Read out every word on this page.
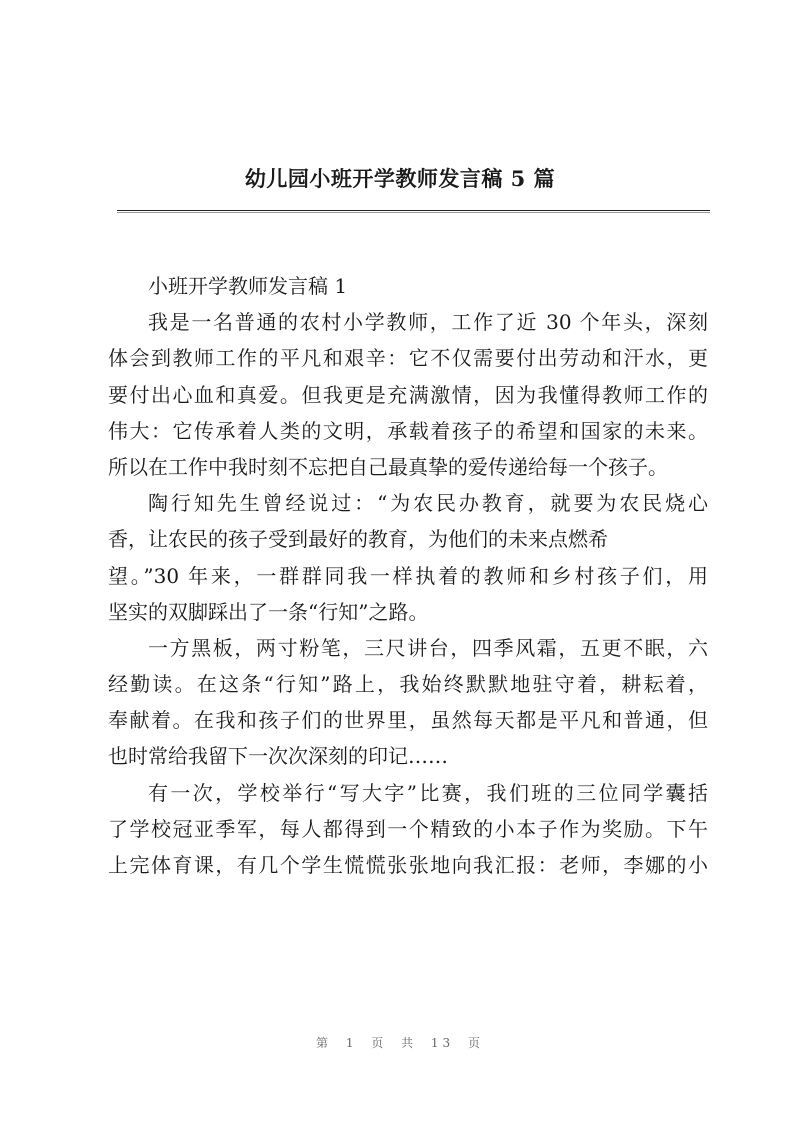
幼儿园小班开学教师发言稿 5 篇
小班开学教师发言稿 1
我是一名普通的农村小学教师，工作了近 30 个年头，深刻
体会到教师工作的平凡和艰辛：它不仅需要付出劳动和汗水，更
要付出心血和真爱。但我更是充满激情，因为我懂得教师工作的
伟大：它传承着人类的文明，承载着孩子的希望和国家的未来。
所以在工作中我时刻不忘把自己最真挚的爱传递给每一个孩子。
陶行知先生曾经说过：“为农民办教育，就要为农民烧心
香，让农民的孩子受到最好的教育，为他们的未来点燃希
望。”30 年来，一群群同我一样执着的教师和乡村孩子们，用
坚实的双脚踩出了一条“行知”之路。
一方黑板，两寸粉笔，三尺讲台，四季风霜，五更不眠，六
经勤读。在这条“行知”路上，我始终默默地驻守着，耕耘着，
奉献着。在我和孩子们的世界里，虽然每天都是平凡和普通，但
也时常给我留下一次次深刻的印记……
有一次，学校举行“写大字”比赛，我们班的三位同学囊括
了学校冠亚季军，每人都得到一个精致的小本子作为奖励。下午
上完体育课，有几个学生慌慌张张地向我汇报：老师，李娜的小
第 1 页 共 13 页
